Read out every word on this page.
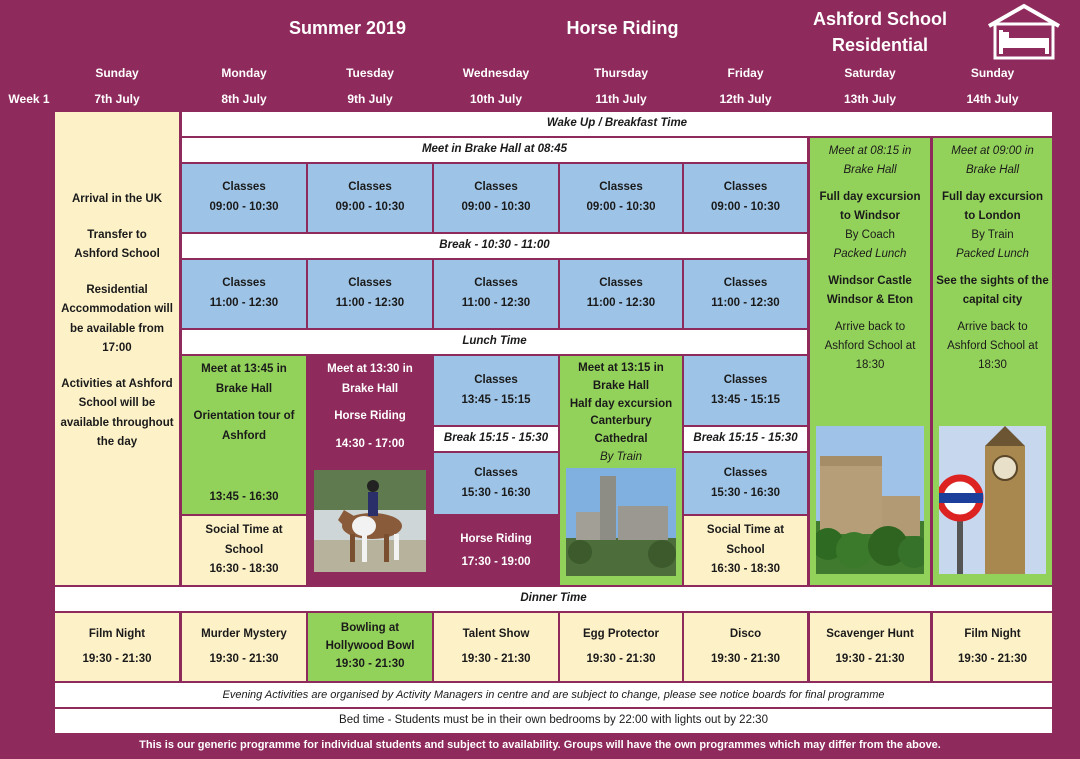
Summer 2019	Horse Riding	Ashford School
Residential
Week 1
Sunday
7th July
Monday
8th July
Tuesday
9th July
Wednesday
10th July
Thursday
11th July
Friday
12th July
Saturday
13th July
Sunday
14th July
Arrival in the UK
Transfer to Ashford School
Residential Accommodation will be available from 17:00
Activities at Ashford School will be available throughout the day
Wake Up / Breakfast Time
Meet in Brake Hall at 08:45
Classes
09:00 - 10:30
Classes
09:00 - 10:30
Classes
09:00 - 10:30
Classes
09:00 - 10:30
Classes
09:00 - 10:30
Break - 10:30 - 11:00
Classes
11:00 - 12:30
Classes
11:00 - 12:30
Classes
11:00 - 12:30
Classes
11:00 - 12:30
Classes
11:00 - 12:30
Lunch Time
Meet at 08:15 in Brake Hall
Full day excursion to Windsor
By Coach
Packed Lunch
Windsor Castle Windsor & Eton
Arrive back to Ashford School at 18:30
Meet at 09:00 in Brake Hall
Full day excursion to London
By Train
Packed Lunch
See the sights of the capital city
Arrive back to Ashford School at 18:30
Meet at 13:45 in Brake Hall
Orientation tour of Ashford
13:45 - 16:30
Social Time at School
16:30 - 18:30
Meet at 13:30 in Brake Hall
Horse Riding
14:30 - 17:00
Classes
13:45 - 15:15
Break 15:15 - 15:30
Classes
15:30 - 16:30
Horse Riding
17:30 - 19:00
Meet at 13:15 in Brake Hall
Half day excursion
Canterbury Cathedral
By Train
Classes
13:45 - 15:15
Break 15:15 - 15:30
Classes
15:30 - 16:30
Social Time at School
16:30 - 18:30
Dinner Time
Film Night
19:30 - 21:30
Murder Mystery
19:30 - 21:30
Bowling at Hollywood Bowl
19:30 - 21:30
Talent Show
19:30 - 21:30
Egg Protector
19:30 - 21:30
Disco
19:30 - 21:30
Scavenger Hunt
19:30 - 21:30
Film Night
19:30 - 21:30
Evening Activities are organised by Activity Managers in centre and are subject to change, please see notice boards for final programme
Bed time - Students must be in their own bedrooms by 22:00 with lights out by 22:30
This is our generic programme for individual students and subject to availability. Groups will have the own programmes which may differ from the above.
